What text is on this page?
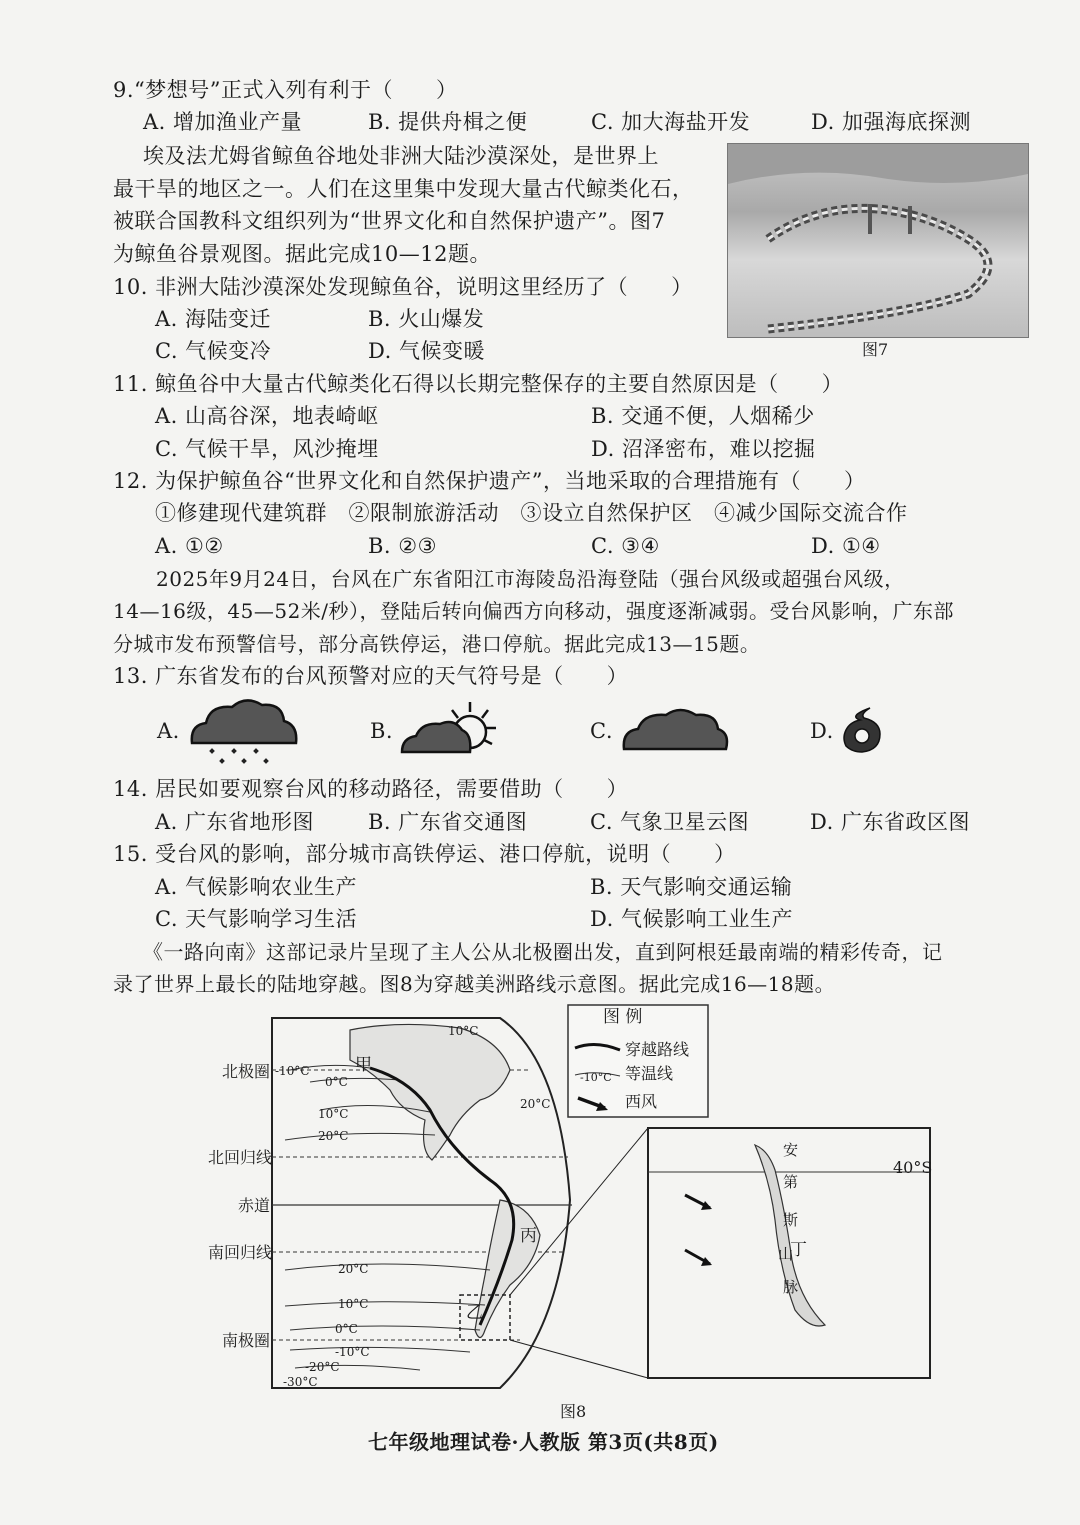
9.“梦想号”正式入列有利于（　　）
A. 增加渔业产量	B. 提供舟楫之便	C. 加大海盐开发	D. 加强海底探测
埃及法尤姆省鲸鱼谷地处非洲大陆沙漠深处，是世界上
最干旱的地区之一。人们在这里集中发现大量古代鲸类化石，
被联合国教科文组织列为“世界文化和自然保护遗产”。图7
为鲸鱼谷景观图。据此完成10—12题。
图7
10. 非洲大陆沙漠深处发现鲸鱼谷，说明这里经历了（　　）
A. 海陆变迁	B. 火山爆发
C. 气候变冷	D. 气候变暖
11. 鲸鱼谷中大量古代鲸类化石得以长期完整保存的主要自然原因是（　　）
A. 山高谷深，地表崎岖	B. 交通不便，人烟稀少
C. 气候干旱，风沙掩埋	D. 沼泽密布，难以挖掘
12. 为保护鲸鱼谷“世界文化和自然保护遗产”，当地采取的合理措施有（　　）
①修建现代建筑群　②限制旅游活动　③设立自然保护区　④减少国际交流合作
A. ①②	B. ②③	C. ③④	D. ①④
2025年9月24日，台风在广东省阳江市海陵岛沿海登陆（强台风级或超强台风级，
14—16级，45—52米/秒），登陆后转向偏西方向移动，强度逐渐减弱。受台风影响，广东部
分城市发布预警信号，部分高铁停运，港口停航。据此完成13—15题。
13. 广东省发布的台风预警对应的天气符号是（　　）
A.	B.	C.	D.
14. 居民如要观察台风的移动路径，需要借助（　　）
A. 广东省地形图	B. 广东省交通图	C. 气象卫星云图	D. 广东省政区图
15. 受台风的影响，部分城市高铁停运、港口停航，说明（　　）
A. 气候影响农业生产	B. 天气影响交通运输
C. 天气影响学习生活	D. 气候影响工业生产
《一路向南》这部记录片呈现了主人公从北极圈出发，直到阿根廷最南端的精彩传奇，记
录了世界上最长的陆地穿越。图8为穿越美洲路线示意图。据此完成16—18题。
北极圈
北回归线
赤道
南回归线
南极圈
-10°C
0°C
10°C
20°C
20°C
10°C
0°C
-10°C
-20°C
-30°C
10°C
20°C
甲
乙
丙
丁
图 例
穿越路线
-10°C 等温线
西风
40°S
安
第
斯
山
脉
图8
七年级地理试卷·人教版 第3页(共8页)
